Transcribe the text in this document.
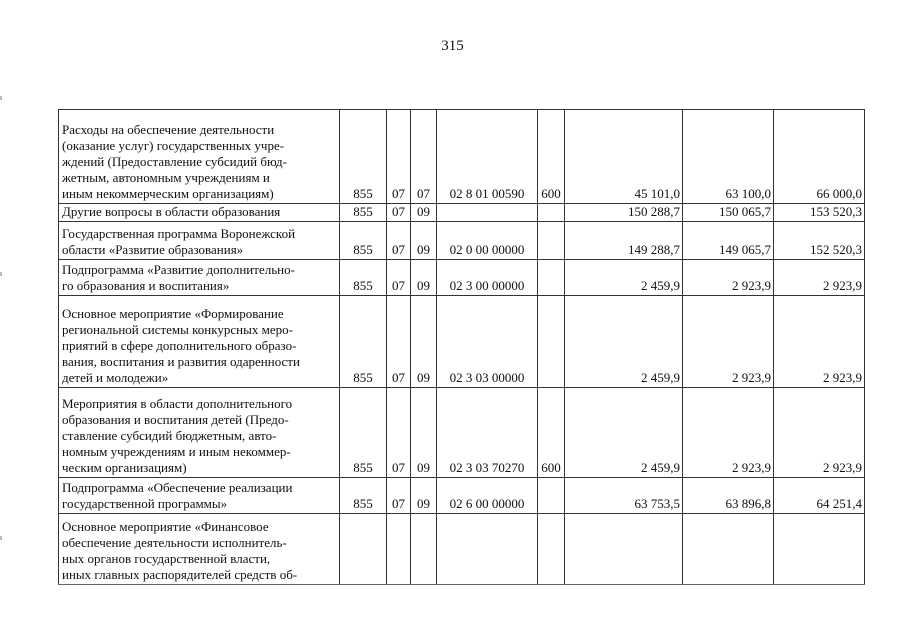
315
Расходы на обеспечение деятельности
(оказание услуг) государственных учре-
ждений (Предоставление субсидий бюд-
жетным, автономным учреждениям и
иным некоммерческим организациям)	855	07	07	02 8 01 00590	600	45 101,0	63 100,0	66 000,0

Другие вопросы в области образования	855	07	09			150 288,7	150 065,7	153 520,3

Государственная программа Воронежской
области «Развитие образования»	855	07	09	02 0 00 00000		149 288,7	149 065,7	152 520,3

Подпрограмма «Развитие дополнительно-
го образования и воспитания»	855	07	09	02 3 00 00000		2 459,9	2 923,9	2 923,9

Основное мероприятие «Формирование
региональной системы конкурсных меро-
приятий в сфере дополнительного образо-
вания, воспитания и развития одаренности
детей и молодежи»	855	07	09	02 3 03 00000		2 459,9	2 923,9	2 923,9

Мероприятия в области дополнительного
образования и воспитания детей (Предо-
ставление субсидий бюджетным, авто-
номным учреждениям и иным некоммер-
ческим организациям)	855	07	09	02 3 03 70270	600	2 459,9	2 923,9	2 923,9

Подпрограмма «Обеспечение реализации
государственной программы»	855	07	09	02 6 00 00000		63 753,5	63 896,8	64 251,4

Основное мероприятие «Финансовое
обеспечение деятельности исполнитель-
ных органов государственной власти,
иных главных распорядителей средств об-								
